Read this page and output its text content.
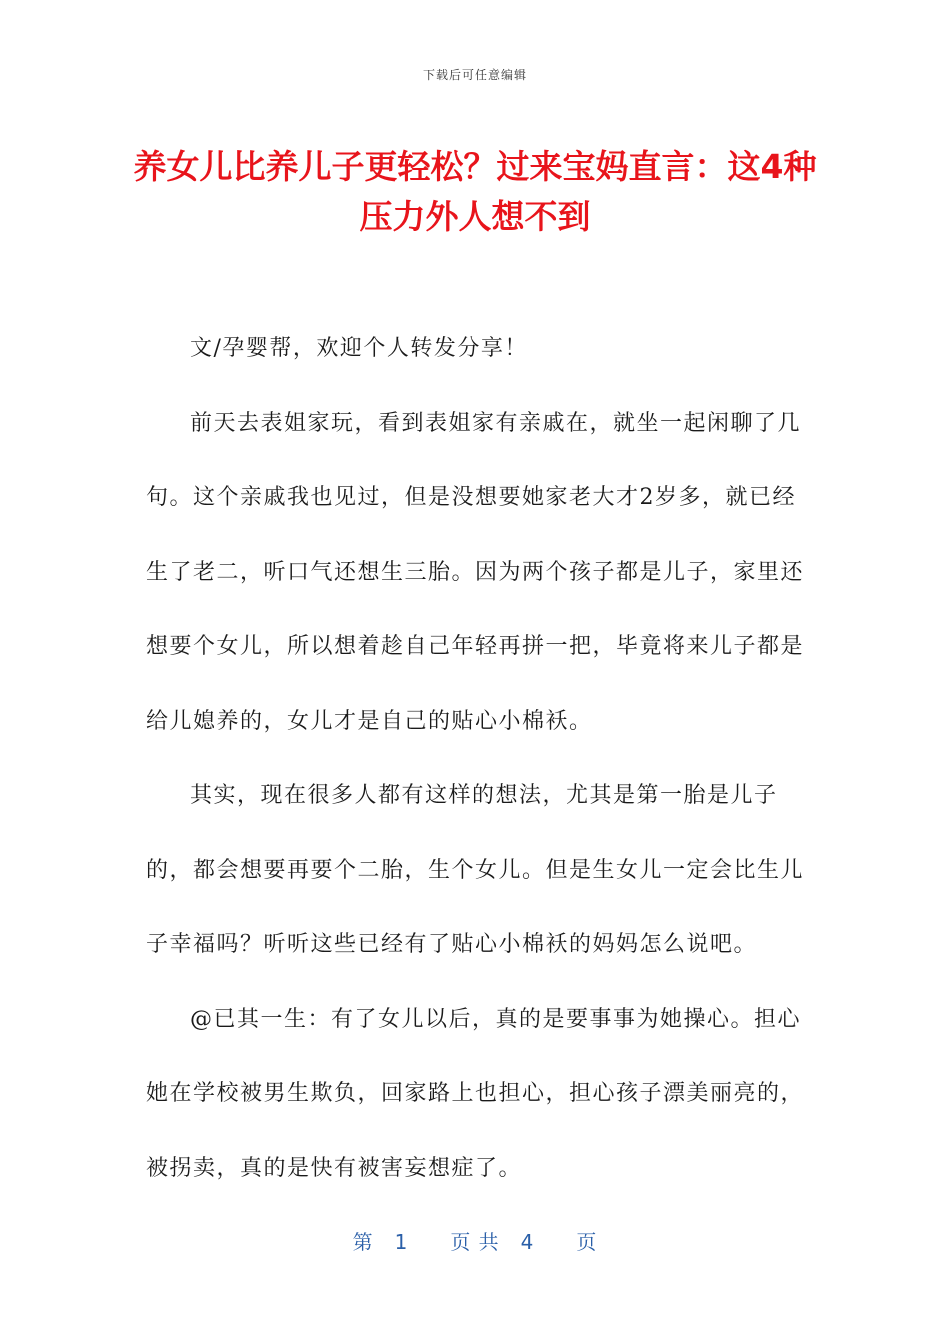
下载后可任意编辑
养女儿比养儿子更轻松？过来宝妈直言：这4种压力外人想不到

文/孕婴帮，欢迎个人转发分享！

前天去表姐家玩，看到表姐家有亲戚在，就坐一起闲聊了几句。这个亲戚我也见过，但是没想要她家老大才2岁多，就已经生了老二，听口气还想生三胎。因为两个孩子都是儿子，家里还想要个女儿，所以想着趁自己年轻再拼一把，毕竟将来儿子都是给儿媳养的，女儿才是自己的贴心小棉袄。

其实，现在很多人都有这样的想法，尤其是第一胎是儿子的，都会想要再要个二胎，生个女儿。但是生女儿一定会比生儿子幸福吗？听听这些已经有了贴心小棉袄的妈妈怎么说吧。

@已其一生：有了女儿以后，真的是要事事为她操心。担心她在学校被男生欺负，回家路上也担心，担心孩子漂美丽亮的，被拐卖，真的是快有被害妄想症了。

第　1　　页 共　4　　页
